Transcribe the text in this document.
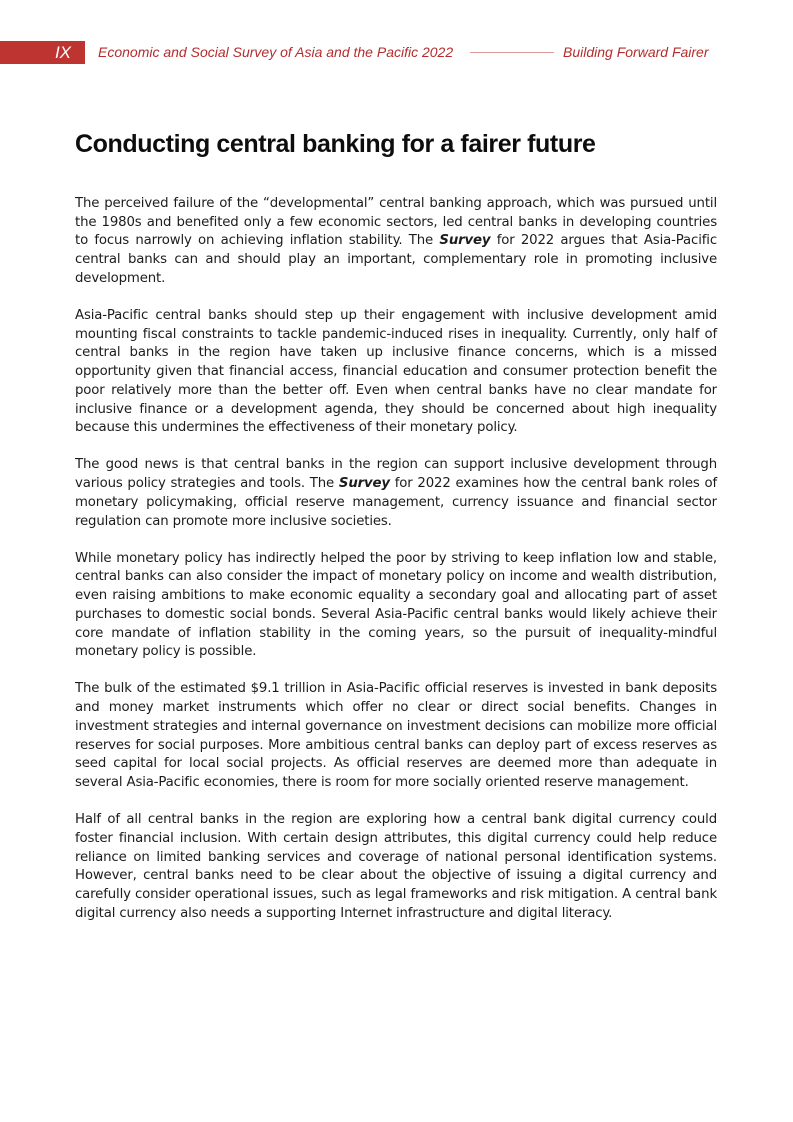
IX Economic and Social Survey of Asia and the Pacific 2022	Building Forward Fairer
Conducting central banking for a fairer future

The perceived failure of the “developmental” central banking approach, which was pursued until the 1980s and benefited only a few economic sectors, led central banks in developing countries to focus narrowly on achieving inflation stability. The Survey for 2022 argues that Asia-Pacific central banks can and should play an important, complementary role in promoting inclusive development.

Asia-Pacific central banks should step up their engagement with inclusive development amid mounting fiscal constraints to tackle pandemic-induced rises in inequality. Currently, only half of central banks in the region have taken up inclusive finance concerns, which is a missed opportunity given that financial access, financial education and consumer protection benefit the poor relatively more than the better off. Even when central banks have no clear mandate for inclusive finance or a development agenda, they should be concerned about high inequality because this undermines the effectiveness of their monetary policy.

The good news is that central banks in the region can support inclusive development through various policy strategies and tools. The Survey for 2022 examines how the central bank roles of monetary policymaking, official reserve management, currency issuance and financial sector regulation can promote more inclusive societies.

While monetary policy has indirectly helped the poor by striving to keep inflation low and stable, central banks can also consider the impact of monetary policy on income and wealth distribution, even raising ambitions to make economic equality a secondary goal and allocating part of asset purchases to domestic social bonds. Several Asia-Pacific central banks would likely achieve their core mandate of inflation stability in the coming years, so the pursuit of inequality-mindful monetary policy is possible.

The bulk of the estimated $9.1 trillion in Asia-Pacific official reserves is invested in bank deposits and money market instruments which offer no clear or direct social benefits. Changes in investment strategies and internal governance on investment decisions can mobilize more official reserves for social purposes. More ambitious central banks can deploy part of excess reserves as seed capital for local social projects. As official reserves are deemed more than adequate in several Asia-Pacific economies, there is room for more socially oriented reserve management.

Half of all central banks in the region are exploring how a central bank digital currency could foster financial inclusion. With certain design attributes, this digital currency could help reduce reliance on limited banking services and coverage of national personal identification systems. However, central banks need to be clear about the objective of issuing a digital currency and carefully consider operational issues, such as legal frameworks and risk mitigation. A central bank digital currency also needs a supporting Internet infrastructure and digital literacy.
